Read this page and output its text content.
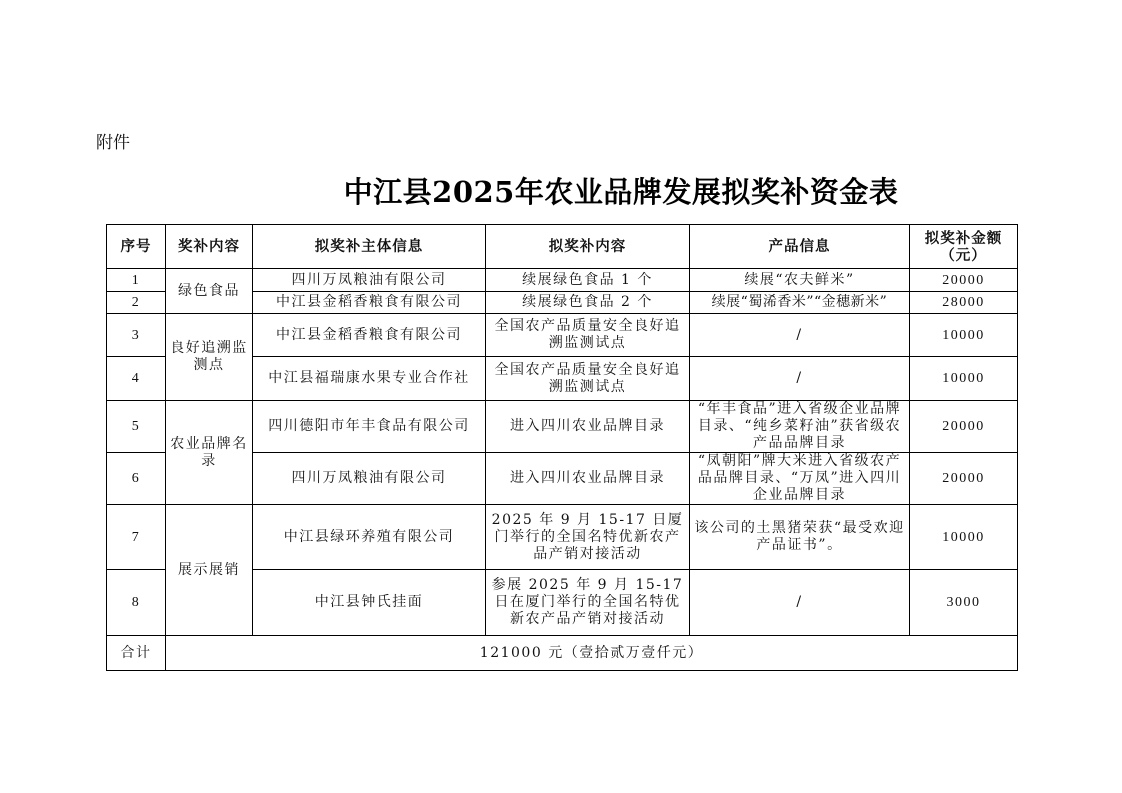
附件
中江县2025年农业品牌发展拟奖补资金表
序号	奖补内容	拟奖补主体信息	拟奖补内容	产品信息	拟奖补金额
（元）

1	绿色食品	四川万凤粮油有限公司	续展绿色食品 1 个	续展“农夫鲜米”	20000
2		中江县金稻香粮食有限公司	续展绿色食品 2 个	续展“蜀浠香米”“金穗新米”	28000
3	良好追溯监测点	中江县金稻香粮食有限公司	全国农产品质量安全良好追溯监测试点	/	10000
4		中江县福瑞康水果专业合作社	全国农产品质量安全良好追溯监测试点	/	10000
5	农业品牌名录	四川德阳市年丰食品有限公司	进入四川农业品牌目录	“年丰食品”进入省级企业品牌目录、“纯乡菜籽油”获省级农产品品牌目录	20000
6		四川万凤粮油有限公司	进入四川农业品牌目录	“凤朝阳”牌大米进入省级农产品品牌目录、“万凤”进入四川企业品牌目录	20000
7	展示展销	中江县绿环养殖有限公司	2025 年 9 月 15-17 日厦门举行的全国名特优新农产品产销对接活动	该公司的土黑猪荣获“最受欢迎产品证书”。	10000
8		中江县钟氏挂面	参展 2025 年 9 月 15-17 日在厦门举行的全国名特优新农产品产销对接活动	/	3000
合计	121000 元（壹拾贰万壹仟元）				
